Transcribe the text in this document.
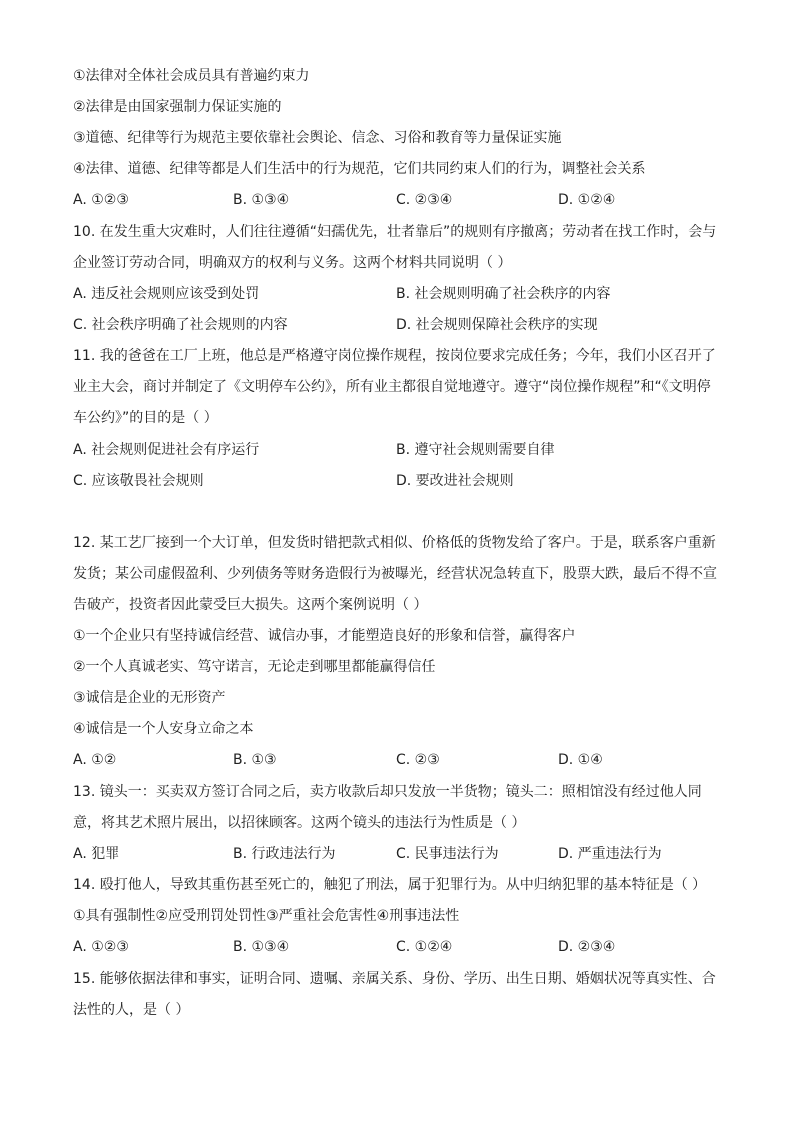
①法律对全体社会成员具有普遍约束力
②法律是由国家强制力保证实施的
③道德、纪律等行为规范主要依靠社会舆论、信念、习俗和教育等力量保证实施
④法律、道德、纪律等都是人们生活中的行为规范，它们共同约束人们的行为，调整社会关系
A. ①②③	B. ①③④	C. ②③④	D. ①②④
10. 在发生重大灾难时，人们往往遵循“妇孺优先，壮者靠后”的规则有序撤离；劳动者在找工作时，会与
企业签订劳动合同，明确双方的权利与义务。这两个材料共同说明（ ）
A. 违反社会规则应该受到处罚	B. 社会规则明确了社会秩序的内容
C. 社会秩序明确了社会规则的内容	D. 社会规则保障社会秩序的实现
11. 我的爸爸在工厂上班，他总是严格遵守岗位操作规程，按岗位要求完成任务；今年，我们小区召开了
业主大会，商讨并制定了《文明停车公约》，所有业主都很自觉地遵守。遵守“岗位操作规程”和“《文明停
车公约》”的目的是（ ）
A. 社会规则促进社会有序运行	B. 遵守社会规则需要自律
C. 应该敬畏社会规则	D. 要改进社会规则
12. 某工艺厂接到一个大订单，但发货时错把款式相似、价格低的货物发给了客户。于是，联系客户重新
发货；某公司虚假盈利、少列债务等财务造假行为被曝光，经营状况急转直下，股票大跌，最后不得不宣
告破产，投资者因此蒙受巨大损失。这两个案例说明（ ）
①一个企业只有坚持诚信经营、诚信办事，才能塑造良好的形象和信誉，赢得客户
②一个人真诚老实、笃守诺言，无论走到哪里都能赢得信任
③诚信是企业的无形资产
④诚信是一个人安身立命之本
A. ①②	B. ①③	C. ②③	D. ①④
13. 镜头一：买卖双方签订合同之后，卖方收款后却只发放一半货物；镜头二：照相馆没有经过他人同
意，将其艺术照片展出，以招徕顾客。这两个镜头的违法行为性质是（ ）
A. 犯罪	B. 行政违法行为	C. 民事违法行为	D. 严重违法行为
14. 殴打他人，导致其重伤甚至死亡的，触犯了刑法，属于犯罪行为。从中归纳犯罪的基本特征是（ ）
①具有强制性②应受刑罚处罚性③严重社会危害性④刑事违法性
A. ①②③	B. ①③④	C. ①②④	D. ②③④
15. 能够依据法律和事实，证明合同、遗嘱、亲属关系、身份、学历、出生日期、婚姻状况等真实性、合
法性的人，是（ ）
